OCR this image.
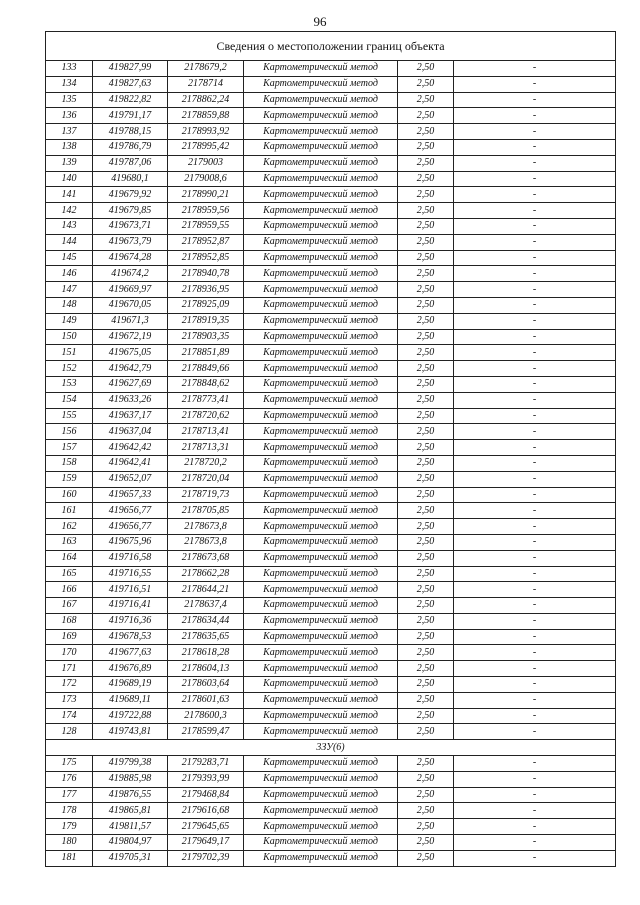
96
Сведения о местоположении границ объекта					
133	419827,99	2178679,2	Картометрический метод	2,50	-
134	419827,63	2178714	Картометрический метод	2,50	-
135	419822,82	2178862,24	Картометрический метод	2,50	-
136	419791,17	2178859,88	Картометрический метод	2,50	-
137	419788,15	2178993,92	Картометрический метод	2,50	-
138	419786,79	2178995,42	Картометрический метод	2,50	-
139	419787,06	2179003	Картометрический метод	2,50	-
140	419680,1	2179008,6	Картометрический метод	2,50	-
141	419679,92	2178990,21	Картометрический метод	2,50	-
142	419679,85	2178959,56	Картометрический метод	2,50	-
143	419673,71	2178959,55	Картометрический метод	2,50	-
144	419673,79	2178952,87	Картометрический метод	2,50	-
145	419674,28	2178952,85	Картометрический метод	2,50	-
146	419674,2	2178940,78	Картометрический метод	2,50	-
147	419669,97	2178936,95	Картометрический метод	2,50	-
148	419670,05	2178925,09	Картометрический метод	2,50	-
149	419671,3	2178919,35	Картометрический метод	2,50	-
150	419672,19	2178903,35	Картометрический метод	2,50	-
151	419675,05	2178851,89	Картометрический метод	2,50	-
152	419642,79	2178849,66	Картометрический метод	2,50	-
153	419627,69	2178848,62	Картометрический метод	2,50	-
154	419633,26	2178773,41	Картометрический метод	2,50	-
155	419637,17	2178720,62	Картометрический метод	2,50	-
156	419637,04	2178713,41	Картометрический метод	2,50	-
157	419642,42	2178713,31	Картометрический метод	2,50	-
158	419642,41	2178720,2	Картометрический метод	2,50	-
159	419652,07	2178720,04	Картометрический метод	2,50	-
160	419657,33	2178719,73	Картометрический метод	2,50	-
161	419656,77	2178705,85	Картометрический метод	2,50	-
162	419656,77	2178673,8	Картометрический метод	2,50	-
163	419675,96	2178673,8	Картометрический метод	2,50	-
164	419716,58	2178673,68	Картометрический метод	2,50	-
165	419716,55	2178662,28	Картометрический метод	2,50	-
166	419716,51	2178644,21	Картометрический метод	2,50	-
167	419716,41	2178637,4	Картометрический метод	2,50	-
168	419716,36	2178634,44	Картометрический метод	2,50	-
169	419678,53	2178635,65	Картометрический метод	2,50	-
170	419677,63	2178618,28	Картометрический метод	2,50	-
171	419676,89	2178604,13	Картометрический метод	2,50	-
172	419689,19	2178603,64	Картометрический метод	2,50	-
173	419689,11	2178601,63	Картометрический метод	2,50	-
174	419722,88	2178600,3	Картометрический метод	2,50	-
128	419743,81	2178599,47	Картометрический метод	2,50	-
3ЗУ(6)					
175	419799,38	2179283,71	Картометрический метод	2,50	-
176	419885,98	2179393,99	Картометрический метод	2,50	-
177	419876,55	2179468,84	Картометрический метод	2,50	-
178	419865,81	2179616,68	Картометрический метод	2,50	-
179	419811,57	2179645,65	Картометрический метод	2,50	-
180	419804,97	2179649,17	Картометрический метод	2,50	-
181	419705,31	2179702,39	Картометрический метод	2,50	-
